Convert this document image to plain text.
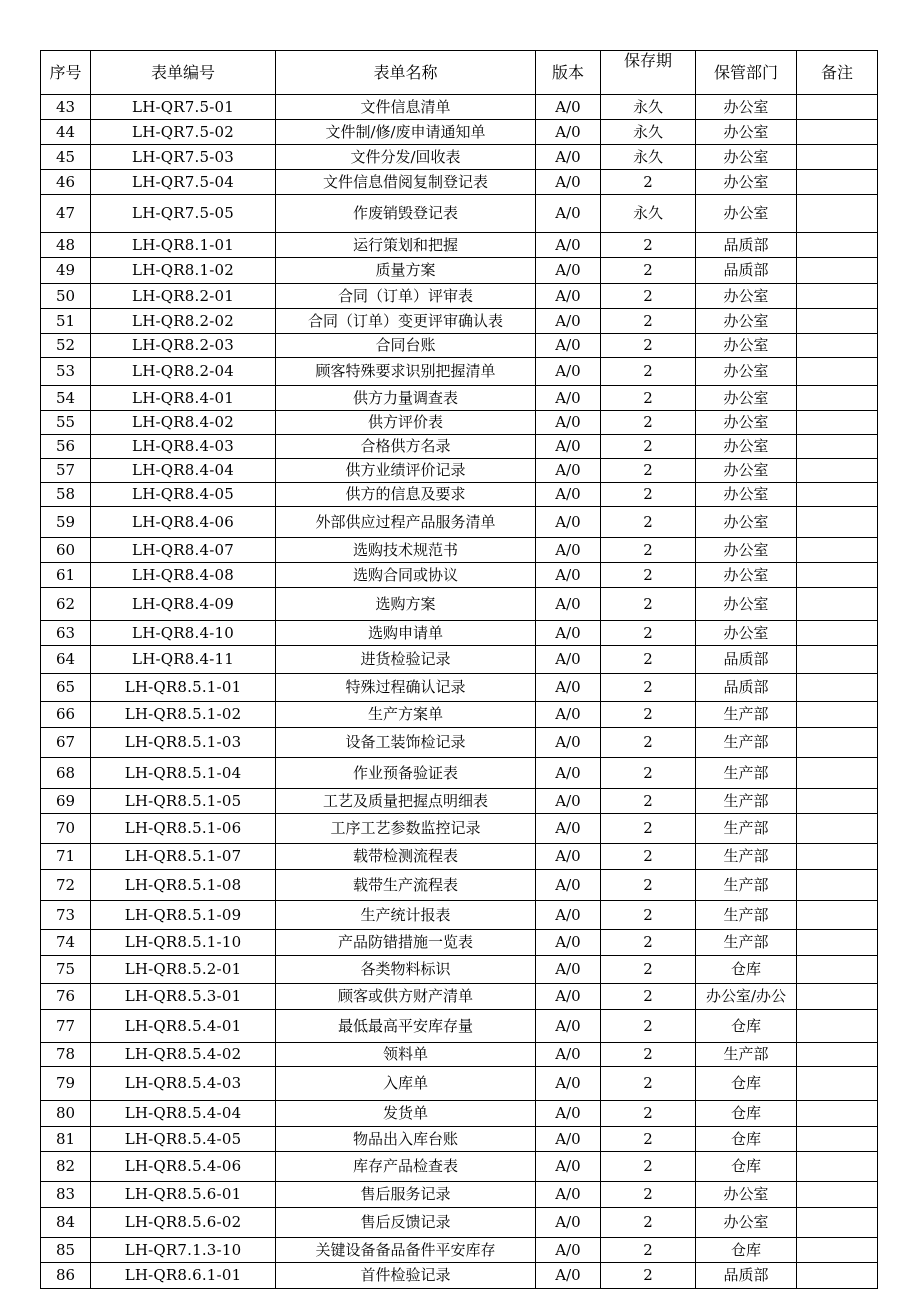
序号	表单编号	表单名称	版本	保存期	保管部门	备注
43	LH-QR7.5-01	文件信息清单	A/0	永久	办公室	
44	LH-QR7.5-02	文件制/修/废申请通知单	A/0	永久	办公室	
45	LH-QR7.5-03	文件分发/回收表	A/0	永久	办公室	
46	LH-QR7.5-04	文件信息借阅复制登记表	A/0	2	办公室	
47	LH-QR7.5-05	作废销毁登记表	A/0	永久	办公室	
48	LH-QR8.1-01	运行策划和把握	A/0	2	品质部	
49	LH-QR8.1-02	质量方案	A/0	2	品质部	
50	LH-QR8.2-01	合同（订单）评审表	A/0	2	办公室	
51	LH-QR8.2-02	合同（订单）变更评审确认表	A/0	2	办公室	
52	LH-QR8.2-03	合同台账	A/0	2	办公室	
53	LH-QR8.2-04	顾客特殊要求识别把握清单	A/0	2	办公室	
54	LH-QR8.4-01	供方力量调查表	A/0	2	办公室	
55	LH-QR8.4-02	供方评价表	A/0	2	办公室	
56	LH-QR8.4-03	合格供方名录	A/0	2	办公室	
57	LH-QR8.4-04	供方业绩评价记录	A/0	2	办公室	
58	LH-QR8.4-05	供方的信息及要求	A/0	2	办公室	
59	LH-QR8.4-06	外部供应过程产品服务清单	A/0	2	办公室	
60	LH-QR8.4-07	选购技术规范书	A/0	2	办公室	
61	LH-QR8.4-08	选购合同或协议	A/0	2	办公室	
62	LH-QR8.4-09	选购方案	A/0	2	办公室	
63	LH-QR8.4-10	选购申请单	A/0	2	办公室	
64	LH-QR8.4-11	进货检验记录	A/0	2	品质部	
65	LH-QR8.5.1-01	特殊过程确认记录	A/0	2	品质部	
66	LH-QR8.5.1-02	生产方案单	A/0	2	生产部	
67	LH-QR8.5.1-03	设备工装饰检记录	A/0	2	生产部	
68	LH-QR8.5.1-04	作业预备验证表	A/0	2	生产部	
69	LH-QR8.5.1-05	工艺及质量把握点明细表	A/0	2	生产部	
70	LH-QR8.5.1-06	工序工艺参数监控记录	A/0	2	生产部	
71	LH-QR8.5.1-07	载带检测流程表	A/0	2	生产部	
72	LH-QR8.5.1-08	载带生产流程表	A/0	2	生产部	
73	LH-QR8.5.1-09	生产统计报表	A/0	2	生产部	
74	LH-QR8.5.1-10	产品防错措施一览表	A/0	2	生产部	
75	LH-QR8.5.2-01	各类物料标识	A/0	2	仓库	
76	LH-QR8.5.3-01	顾客或供方财产清单	A/0	2	办公室/办公	
77	LH-QR8.5.4-01	最低最高平安库存量	A/0	2	仓库	
78	LH-QR8.5.4-02	领料单	A/0	2	生产部	
79	LH-QR8.5.4-03	入库单	A/0	2	仓库	
80	LH-QR8.5.4-04	发货单	A/0	2	仓库	
81	LH-QR8.5.4-05	物品出入库台账	A/0	2	仓库	
82	LH-QR8.5.4-06	库存产品检查表	A/0	2	仓库	
83	LH-QR8.5.6-01	售后服务记录	A/0	2	办公室	
84	LH-QR8.5.6-02	售后反馈记录	A/0	2	办公室	
85	LH-QR7.1.3-10	关键设备备品备件平安库存	A/0	2	仓库	
86	LH-QR8.6.1-01	首件检验记录	A/0	2	品质部	
